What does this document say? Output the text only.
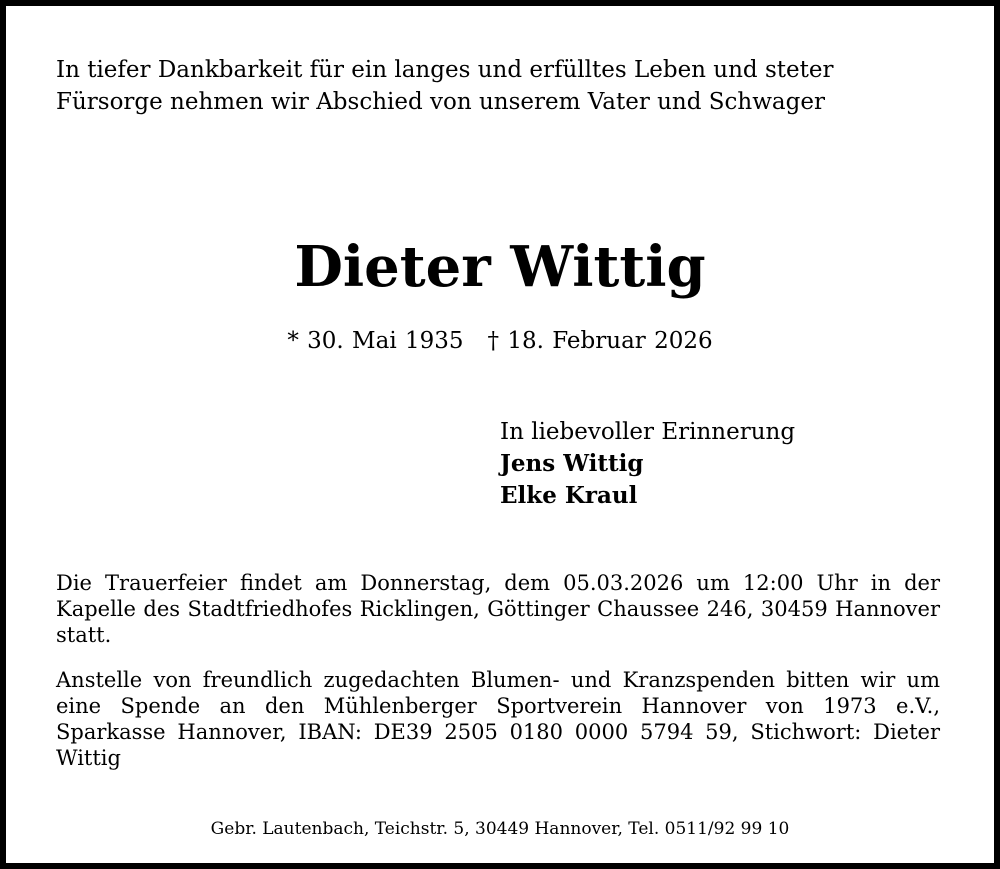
In tiefer Dankbarkeit für ein langes und erfülltes Leben und steter Fürsorge nehmen wir Abschied von unserem Vater und Schwager
Dieter Wittig
* 30. Mai 1935 † 18. Februar 2026
In liebevoller Erinnerung
Jens Wittig
Elke Kraul
Die Trauerfeier findet am Donnerstag, dem 05.03.2026 um 12:00 Uhr in der Kapelle des Stadtfriedhofes Ricklingen, Göttinger Chaussee 246, 30459 Hannover statt.
Anstelle von freundlich zugedachten Blumen- und Kranzspenden bitten wir um eine Spende an den Mühlenberger Sportverein Hannover von 1973 e.V., Sparkasse Hannover, IBAN: DE39 2505 0180 0000 5794 59, Stichwort: Dieter Wittig
Gebr. Lautenbach, Teichstr. 5, 30449 Hannover, Tel. 0511/92 99 10
